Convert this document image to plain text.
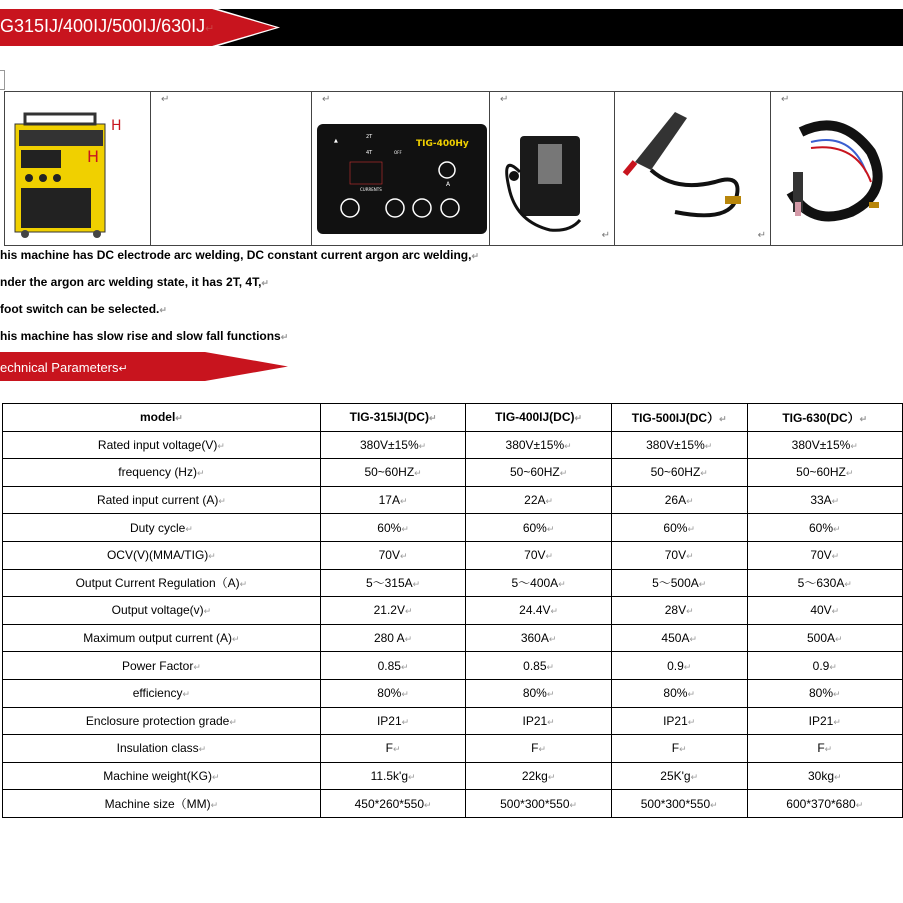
G315IJ/400IJ/500IJ/630IJ↵
H
H

↵	↵
▲
2T
4T	OFF
TIG-400Hy
A
CURRENTS

↵
↵	↵

↵
his machine has DC electrode arc welding, DC constant current argon arc welding,↵
nder the argon arc welding state, it has 2T, 4T,↵
foot switch can be selected.↵
his machine has slow rise and slow fall functions↵
echnical Parameters↵
model↵	TIG-315IJ(DC)↵	TIG-400IJ(DC)↵	TIG-500IJ(DC）↵	TIG-630(DC）↵
Rated input voltage(V)↵	380V±15%↵	380V±15%↵	380V±15%↵	380V±15%↵
frequency (Hz)↵	50~60HZ↵	50~60HZ↵	50~60HZ↵	50~60HZ↵
Rated input current (A)↵	17A↵	22A↵	26A↵	33A↵
Duty cycle↵	60%↵	60%↵	60%↵	60%↵
OCV(V)(MMA/TIG)↵	70V↵	70V↵	70V↵	70V↵
Output Current Regulation（A)↵	5～315A↵	5～400A↵	5～500A↵	5～630A↵
Output voltage(v)↵	21.2V↵	24.4V↵	28V↵	40V↵
Maximum output current (A)↵	280 A↵	360A↵	450A↵	500A↵
Power Factor↵	0.85↵	0.85↵	0.9↵	0.9↵
efficiency↵	80%↵	80%↵	80%↵	80%↵
Enclosure protection grade↵	IP21↵	IP21↵	IP21↵	IP21↵
Insulation class↵	F↵	F↵	F↵	F↵
Machine weight(KG)↵	11.5k'g↵	22kg↵	25K'g↵	30kg↵
Machine size（MM)↵	450*260*550↵	500*300*550↵	500*300*550↵	600*370*680↵
